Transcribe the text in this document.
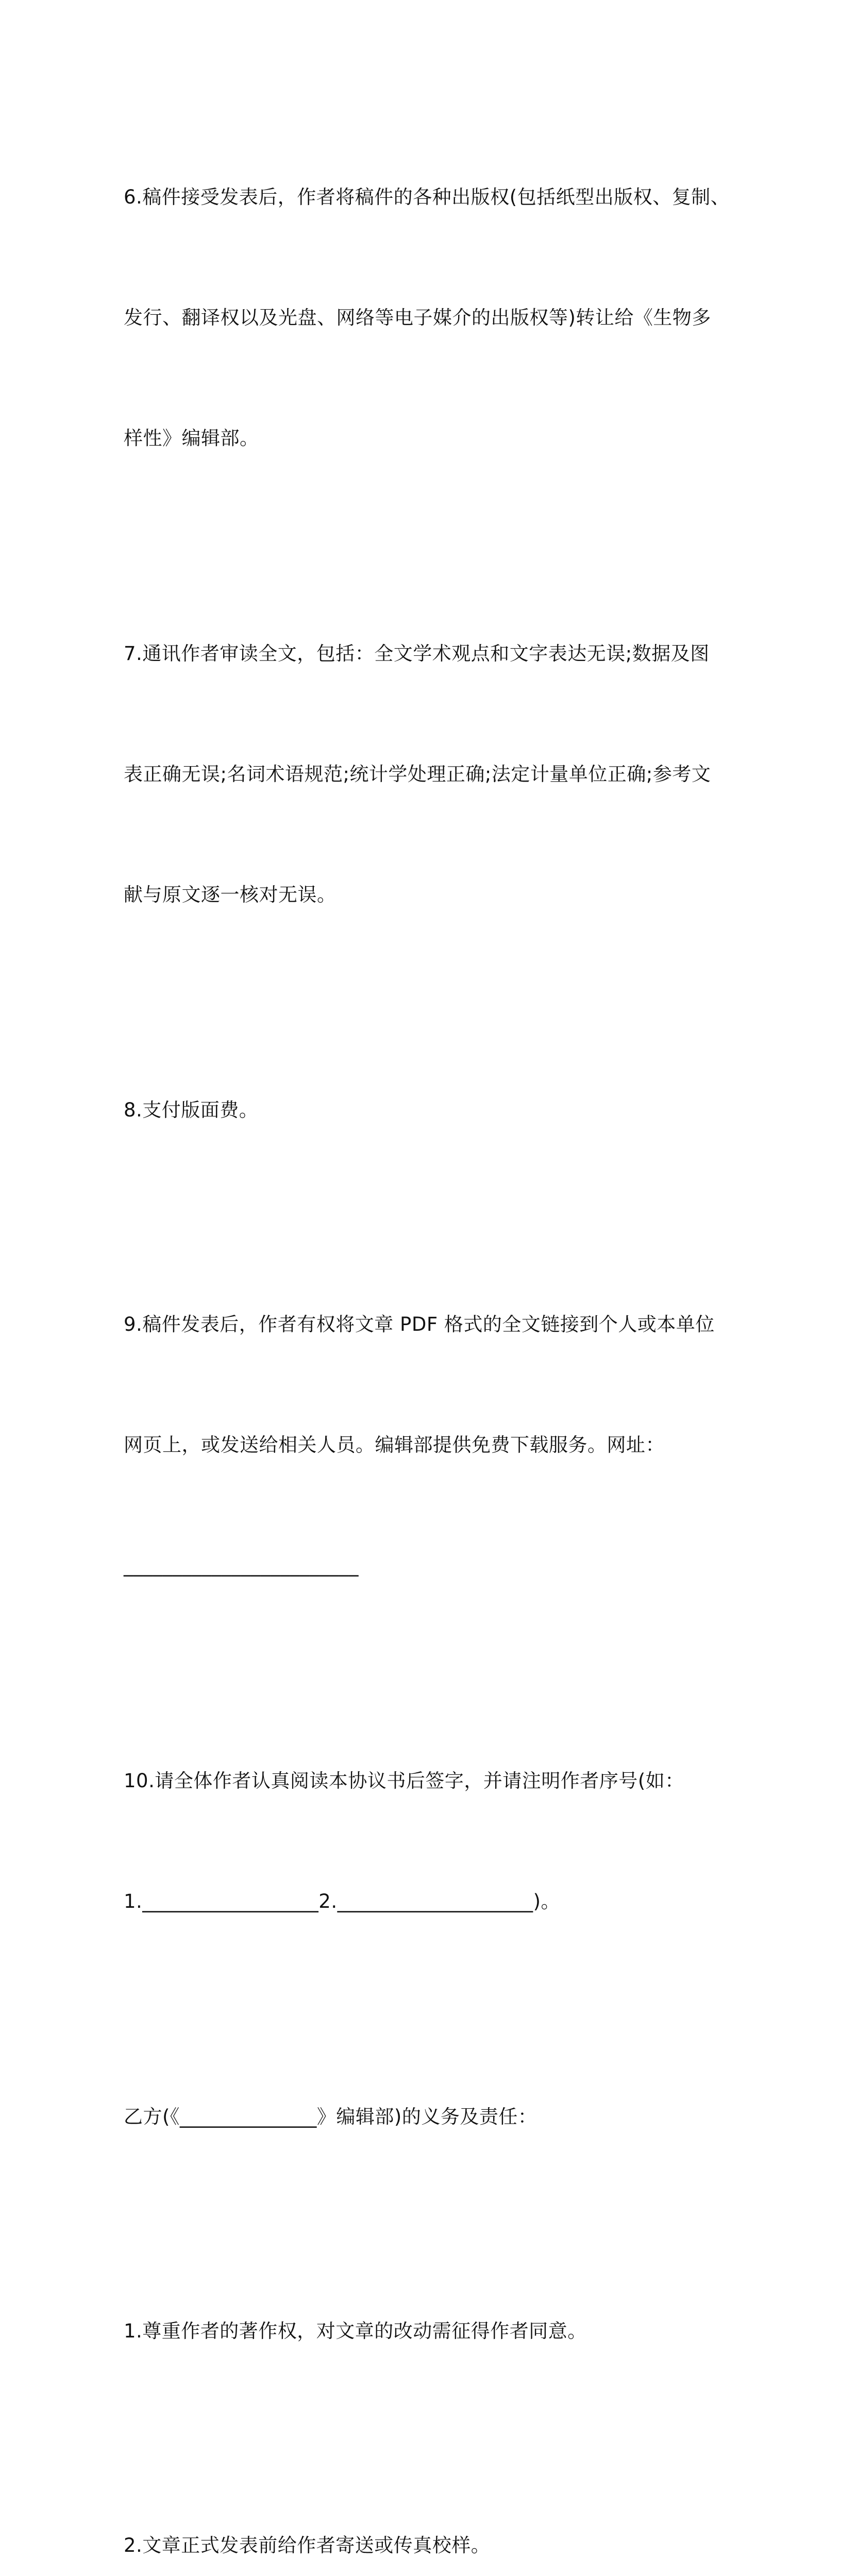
6.稿件接受发表后，作者将稿件的各种出版权(包括纸型出版权、复制、

发行、翻译权以及光盘、网络等电子媒介的出版权等)转让给《生物多

样性》编辑部。

7.通讯作者审读全文，包括：全文学术观点和文字表达无误;数据及图

表正确无误;名词术语规范;统计学处理正确;法定计量单位正确;参考文

献与原文逐一核对无误。

8.支付版面费。

9.稿件发表后，作者有权将文章 PDF 格式的全文链接到个人或本单位

网页上，或发送给相关人员。编辑部提供免费下载服务。网址：

________________________

10.请全体作者认真阅读本协议书后签字，并请注明作者序号(如：

1.__________________2.____________________)。

乙方(《______________》编辑部)的义务及责任：

1.尊重作者的著作权，对文章的改动需征得作者同意。

2.文章正式发表前给作者寄送或传真校样。
